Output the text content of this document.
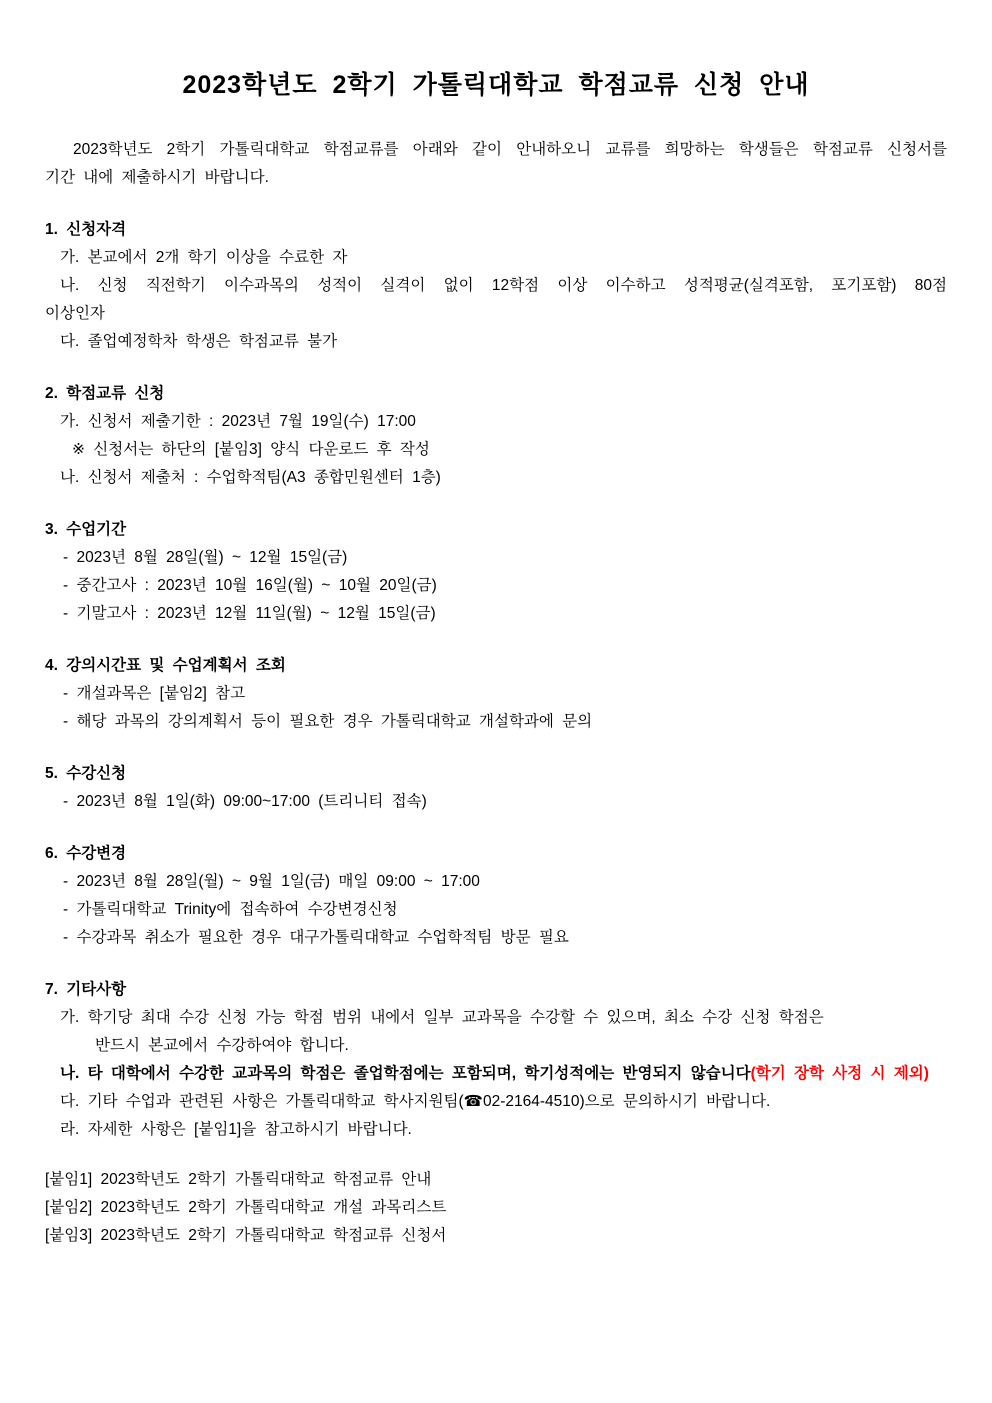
2023학년도 2학기 가톨릭대학교 학점교류 신청 안내
2023학년도 2학기 가톨릭대학교 학점교류를 아래와 같이 안내하오니 교류를 희망하는 학생들은 학점교류 신청서를
기간 내에 제출하시기 바랍니다.
1. 신청자격
가. 본교에서 2개 학기 이상을 수료한 자
나. 신청 직전학기 이수과목의 성적이 실격이 없이 12학점 이상 이수하고 성적평균(실격포함, 포기포함) 80점
이상인자
다. 졸업예정학차 학생은 학점교류 불가
2. 학점교류 신청
가. 신청서 제출기한 : 2023년 7월 19일(수) 17:00
※ 신청서는 하단의 [붙임3] 양식 다운로드 후 작성
나. 신청서 제출처 : 수업학적팀(A3 종합민원센터 1층)
3. 수업기간
- 2023년 8월 28일(월) ~ 12월 15일(금)
- 중간고사 : 2023년 10월 16일(월) ~ 10월 20일(금)
- 기말고사 : 2023년 12월 11일(월) ~ 12월 15일(금)
4. 강의시간표 및 수업계획서 조회
- 개설과목은 [붙임2] 참고
- 해당 과목의 강의계획서 등이 필요한 경우 가톨릭대학교 개설학과에 문의
5. 수강신청
- 2023년 8월 1일(화) 09:00~17:00 (트리니티 접속)
6. 수강변경
- 2023년 8월 28일(월) ~ 9월 1일(금) 매일 09:00 ~ 17:00
- 가톨릭대학교 Trinity에 접속하여 수강변경신청
- 수강과목 취소가 필요한 경우 대구가톨릭대학교 수업학적팀 방문 필요
7. 기타사항
가. 학기당 최대 수강 신청 가능 학점 범위 내에서 일부 교과목을 수강할 수 있으며, 최소 수강 신청 학점은
반드시 본교에서 수강하여야 합니다.
나. 타 대학에서 수강한 교과목의 학점은 졸업학점에는 포함되며, 학기성적에는 반영되지 않습니다(학기 장학 사정 시 제외)
다. 기타 수업과 관련된 사항은 가톨릭대학교 학사지원팀(☎02-2164-4510)으로 문의하시기 바랍니다.
라. 자세한 사항은 [붙임1]을 참고하시기 바랍니다.
[붙임1] 2023학년도 2학기 가톨릭대학교 학점교류 안내
[붙임2] 2023학년도 2학기 가톨릭대학교 개설 과목리스트
[붙임3] 2023학년도 2학기 가톨릭대학교 학점교류 신청서
